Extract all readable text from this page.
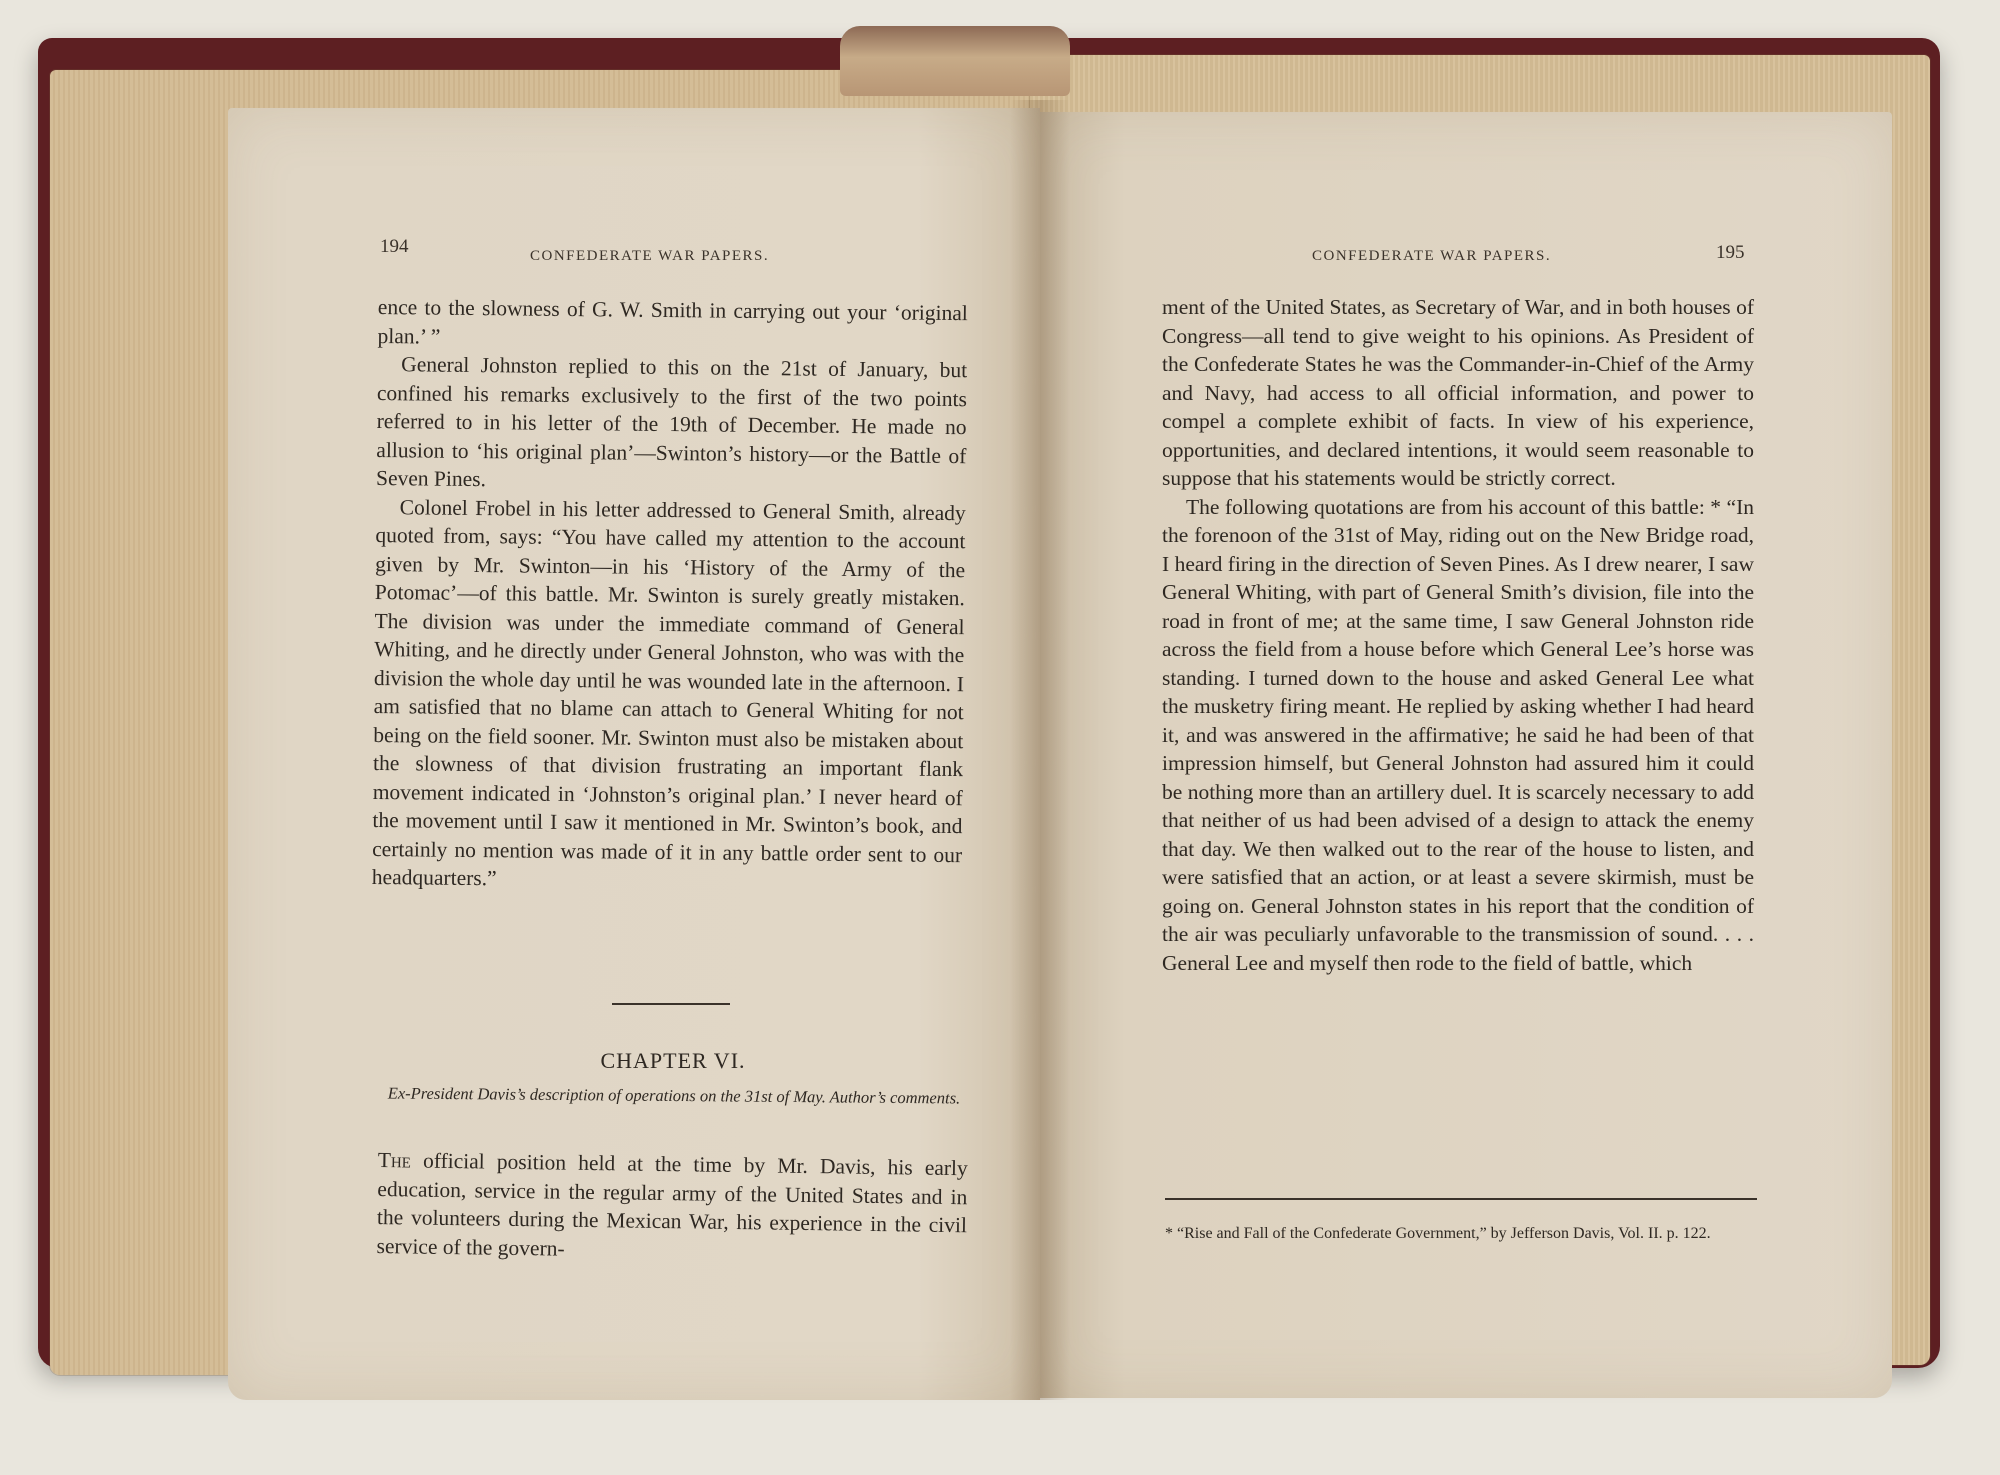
194	CONFEDERATE WAR PAPERS.

ence to the slowness of G. W. Smith in carrying out your ‘original plan.’ ”

General Johnston replied to this on the 21st of January, but confined his remarks exclusively to the first of the two points referred to in his letter of the 19th of December. He made no allusion to ‘his original plan’—Swinton’s history—or the Battle of Seven Pines.

Colonel Frobel in his letter addressed to General Smith, already quoted from, says: “You have called my attention to the account given by Mr. Swinton—in his ‘History of the Army of the Potomac’—of this battle. Mr. Swinton is surely greatly mistaken. The division was under the immediate command of General Whiting, and he directly under General Johnston, who was with the division the whole day until he was wounded late in the afternoon. I am satisfied that no blame can attach to General Whiting for not being on the field sooner. Mr. Swinton must also be mistaken about the slowness of that division frustrating an important flank movement indicated in ‘Johnston’s original plan.’ I never heard of the movement until I saw it mentioned in Mr. Swinton’s book, and certainly no mention was made of it in any battle order sent to our headquarters.”

CHAPTER VI.
Ex-President Davis’s description of operations on the 31st of May. Author’s comments.
The official position held at the time by Mr. Davis, his early education, service in the regular army of the United States and in the volunteers during the Mexican War, his experience in the civil service of the govern-
CONFEDERATE WAR PAPERS.	195

ment of the United States, as Secretary of War, and in both houses of Congress—all tend to give weight to his opinions. As President of the Confederate States he was the Commander-in-Chief of the Army and Navy, had access to all official information, and power to compel a complete exhibit of facts. In view of his experience, opportunities, and declared intentions, it would seem reasonable to suppose that his statements would be strictly correct.

The following quotations are from his account of this battle: * “In the forenoon of the 31st of May, riding out on the New Bridge road, I heard firing in the direction of Seven Pines. As I drew nearer, I saw General Whiting, with part of General Smith’s division, file into the road in front of me; at the same time, I saw General Johnston ride across the field from a house before which General Lee’s horse was standing. I turned down to the house and asked General Lee what the musketry firing meant. He replied by asking whether I had heard it, and was answered in the affirmative; he said he had been of that impression himself, but General Johnston had assured him it could be nothing more than an artillery duel. It is scarcely necessary to add that neither of us had been advised of a design to attack the enemy that day. We then walked out to the rear of the house to listen, and were satisfied that an action, or at least a severe skirmish, must be going on. General Johnston states in his report that the condition of the air was peculiarly unfavorable to the transmission of sound. . . . General Lee and myself then rode to the field of battle, which

* “Rise and Fall of the Confederate Government,” by Jefferson Davis, Vol. II. p. 122.
